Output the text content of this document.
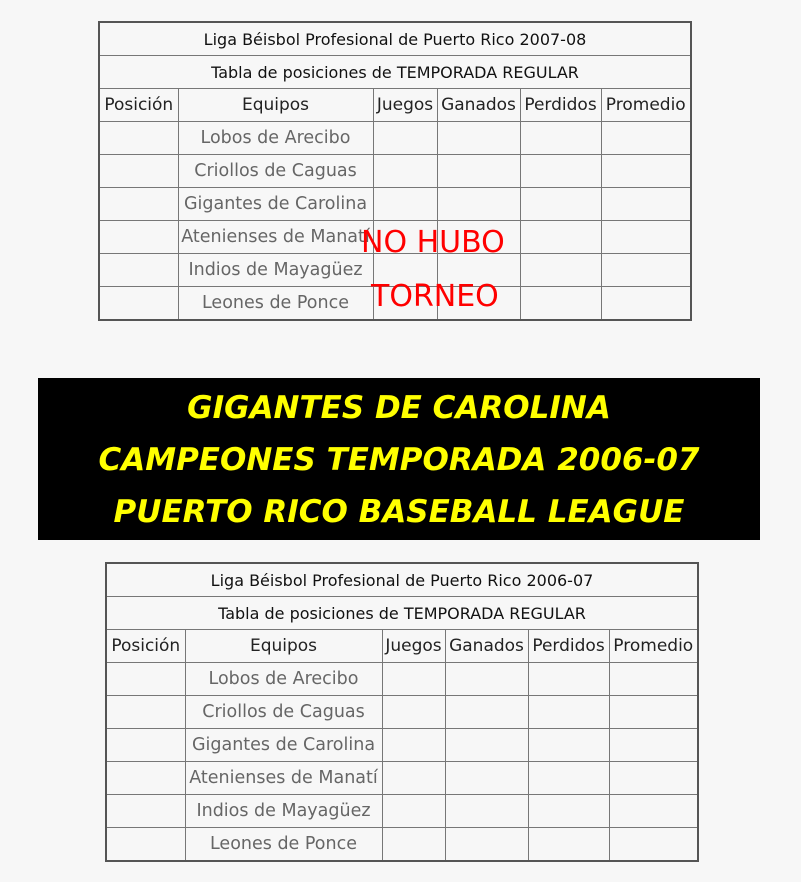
Liga Béisbol Profesional de Puerto Rico 2007-08					
Tabla de posiciones de TEMPORADA REGULAR					
Posición	Equipos	Juegos	Ganados	Perdidos	Promedio
	Lobos de Arecibo				
	Criollos de Caguas				
	Gigantes de Carolina				
	Atenienses de Manatí				
	Indios de Mayagüez				
	Leones de Ponce				
NO HUBO
TORNEO
GIGANTES DE CAROLINA
CAMPEONES TEMPORADA 2006-07
PUERTO RICO BASEBALL LEAGUE
Liga Béisbol Profesional de Puerto Rico 2006-07					
Tabla de posiciones de TEMPORADA REGULAR					
Posición	Equipos	Juegos	Ganados	Perdidos	Promedio
	Lobos de Arecibo				
	Criollos de Caguas				
	Gigantes de Carolina				
	Atenienses de Manatí				
	Indios de Mayagüez				
	Leones de Ponce				
